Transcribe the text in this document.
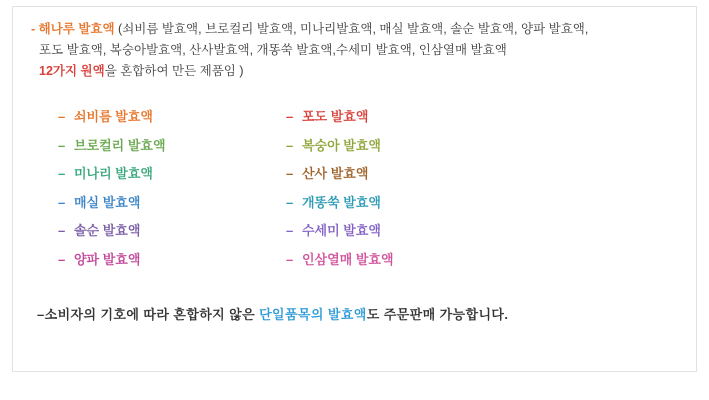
- 해나루 발효액 (쇠비름 발효액, 브로컬리 발효액, 미나리발효액, 매실 발효액, 솔순 발효액, 양파 발효액,
포도 발효액, 복숭아발효액, 산사발효액, 개똥쑥 발효액,수세미 발효액, 인삼열매 발효액
12가지 원액을 혼합하여 만든 제품임 )
– 쇠비름 발효액
– 브로컬리 발효액
– 미나리 발효액
– 매실 발효액
– 솔순 발효액
– 양파 발효액
– 포도 발효액
– 복숭아 발효액
– 산사 발효액
– 개똥쑥 발효액
– 수세미 발효액
– 인삼열매 발효액
–소비자의 기호에 따라 혼합하지 않은 단일품목의 발효액도 주문판매 가능합니다.
